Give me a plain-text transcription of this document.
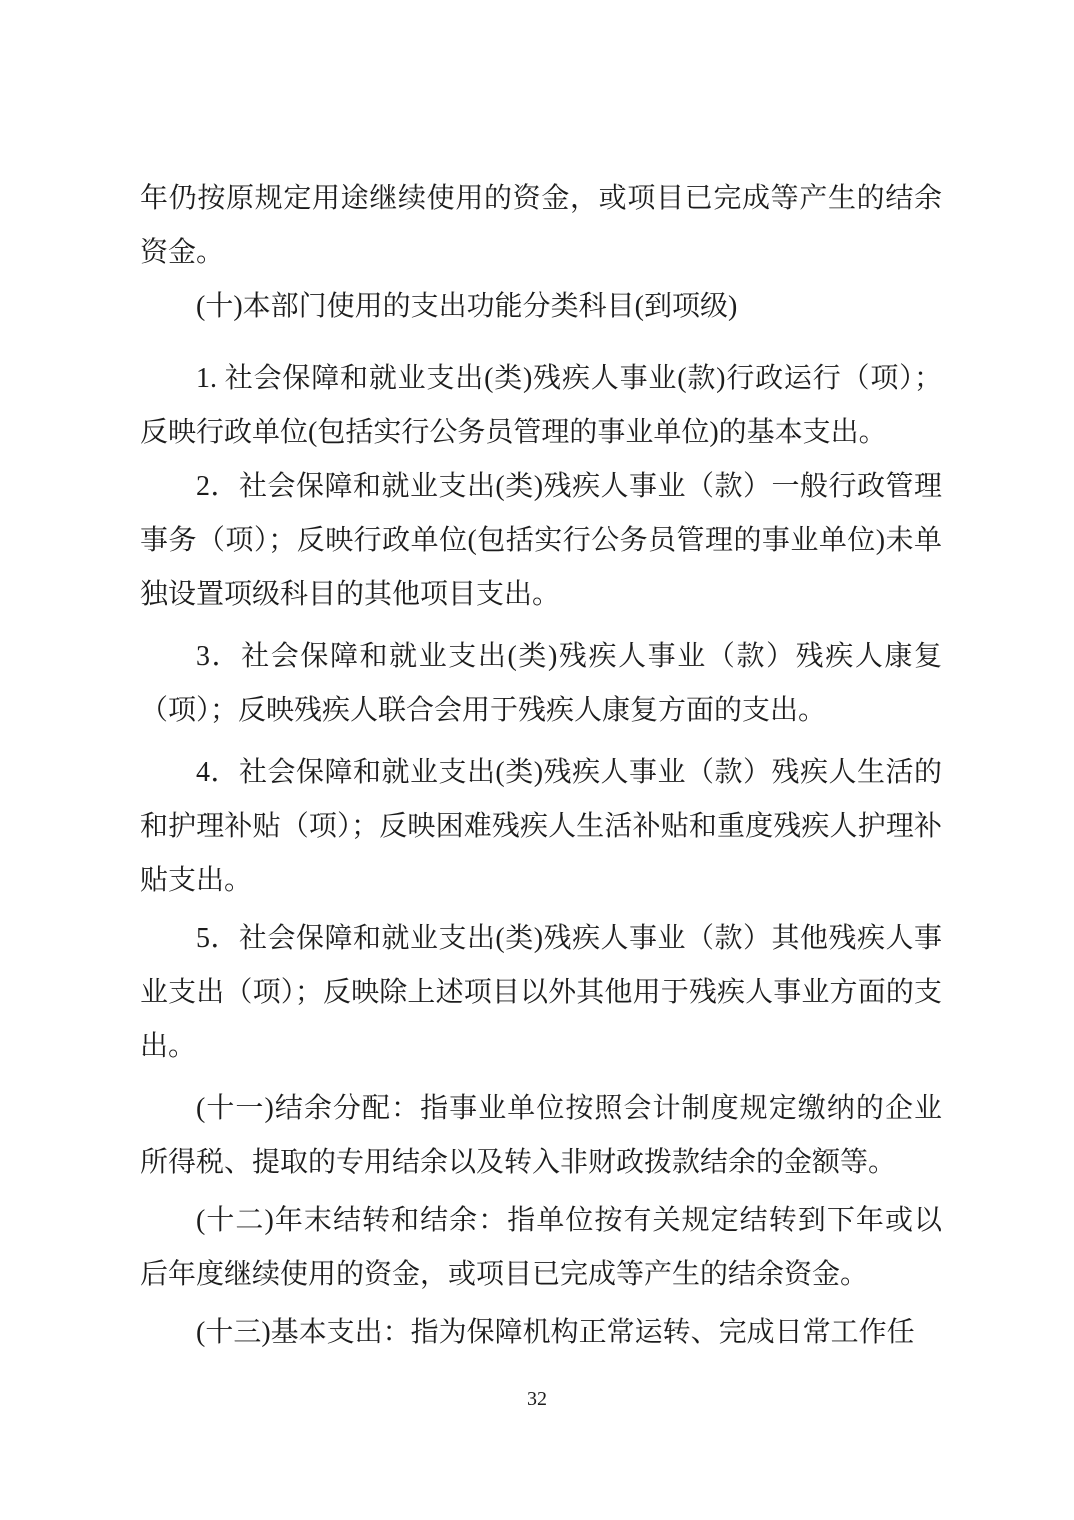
年仍按原规定用途继续使用的资金，或项目已完成等产生的结余资金。

(十)本部门使用的支出功能分类科目(到项级)

1. 社会保障和就业支出(类)残疾人事业(款)行政运行（项）；反映行政单位(包括实行公务员管理的事业单位)的基本支出。

2．社会保障和就业支出(类)残疾人事业（款）一般行政管理事务（项）；反映行政单位(包括实行公务员管理的事业单位)未单独设置项级科目的其他项目支出。

3．社会保障和就业支出(类)残疾人事业（款）残疾人康复（项）；反映残疾人联合会用于残疾人康复方面的支出。

4．社会保障和就业支出(类)残疾人事业（款）残疾人生活的和护理补贴（项）；反映困难残疾人生活补贴和重度残疾人护理补贴支出。

5．社会保障和就业支出(类)残疾人事业（款）其他残疾人事业支出（项）；反映除上述项目以外其他用于残疾人事业方面的支出。

(十一)结余分配：指事业单位按照会计制度规定缴纳的企业所得税、提取的专用结余以及转入非财政拨款结余的金额等。

(十二)年末结转和结余：指单位按有关规定结转到下年或以后年度继续使用的资金，或项目已完成等产生的结余资金。

(十三)基本支出：指为保障机构正常运转、完成日常工作任

32
